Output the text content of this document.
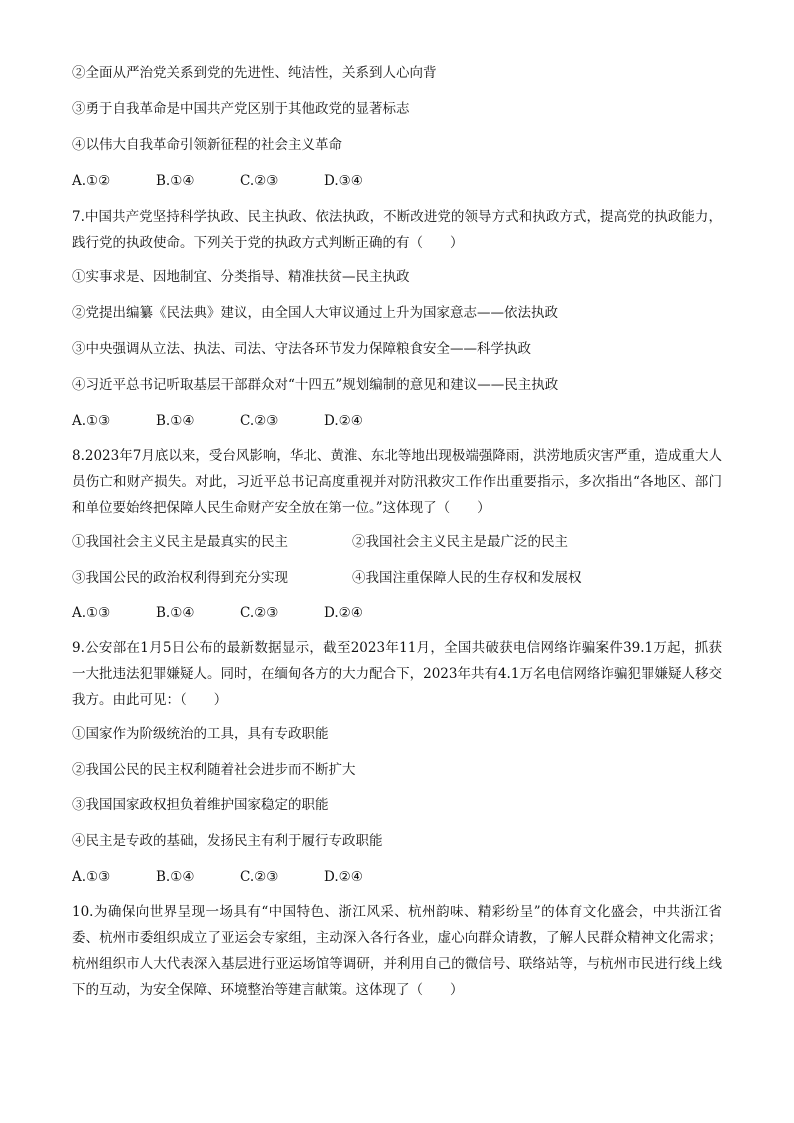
②全面从严治党关系到党的先进性、纯洁性，关系到人心向背
③勇于自我革命是中国共产党区别于其他政党的显著标志
④以伟大自我革命引领新征程的社会主义革命
A.①②	B.①④	C.②③	D.③④
7.中国共产党坚持科学执政、民主执政、依法执政，不断改进党的领导方式和执政方式，提高党的执政能力，践行党的执政使命。下列关于党的执政方式判断正确的有（　　）
①实事求是、因地制宜、分类指导、精准扶贫—民主执政
②党提出编纂《民法典》建议，由全国人大审议通过上升为国家意志——依法执政
③中央强调从立法、执法、司法、守法各环节发力保障粮食安全——科学执政
④习近平总书记听取基层干部群众对“十四五”规划编制的意见和建议——民主执政
A.①③	B.①④	C.②③	D.②④
8.2023年7月底以来，受台风影响，华北、黄淮、东北等地出现极端强降雨，洪涝地质灾害严重，造成重大人员伤亡和财产损失。对此，习近平总书记高度重视并对防汛救灾工作作出重要指示，多次指出“各地区、部门和单位要始终把保障人民生命财产安全放在第一位。”这体现了（　　）
①我国社会主义民主是最真实的民主	②我国社会主义民主是最广泛的民主
③我国公民的政治权利得到充分实现	④我国注重保障人民的生存权和发展权
A.①③	B.①④	C.②③	D.②④
9.公安部在1月5日公布的最新数据显示，截至2023年11月，全国共破获电信网络诈骗案件39.1万起，抓获一大批违法犯罪嫌疑人。同时，在缅甸各方的大力配合下，2023年共有4.1万名电信网络诈骗犯罪嫌疑人移交我方。由此可见：（　　）
①国家作为阶级统治的工具，具有专政职能
②我国公民的民主权利随着社会进步而不断扩大
③我国国家政权担负着维护国家稳定的职能
④民主是专政的基础，发扬民主有利于履行专政职能
A.①③	B.①④	C.②③	D.②④
10.为确保向世界呈现一场具有“中国特色、浙江风采、杭州韵味、精彩纷呈”的体育文化盛会，中共浙江省委、杭州市委组织成立了亚运会专家组，主动深入各行各业，虚心向群众请教，了解人民群众精神文化需求；杭州组织市人大代表深入基层进行亚运场馆等调研，并利用自己的微信号、联络站等，与杭州市民进行线上线下的互动，为安全保障、环境整治等建言献策。这体现了（　　）
